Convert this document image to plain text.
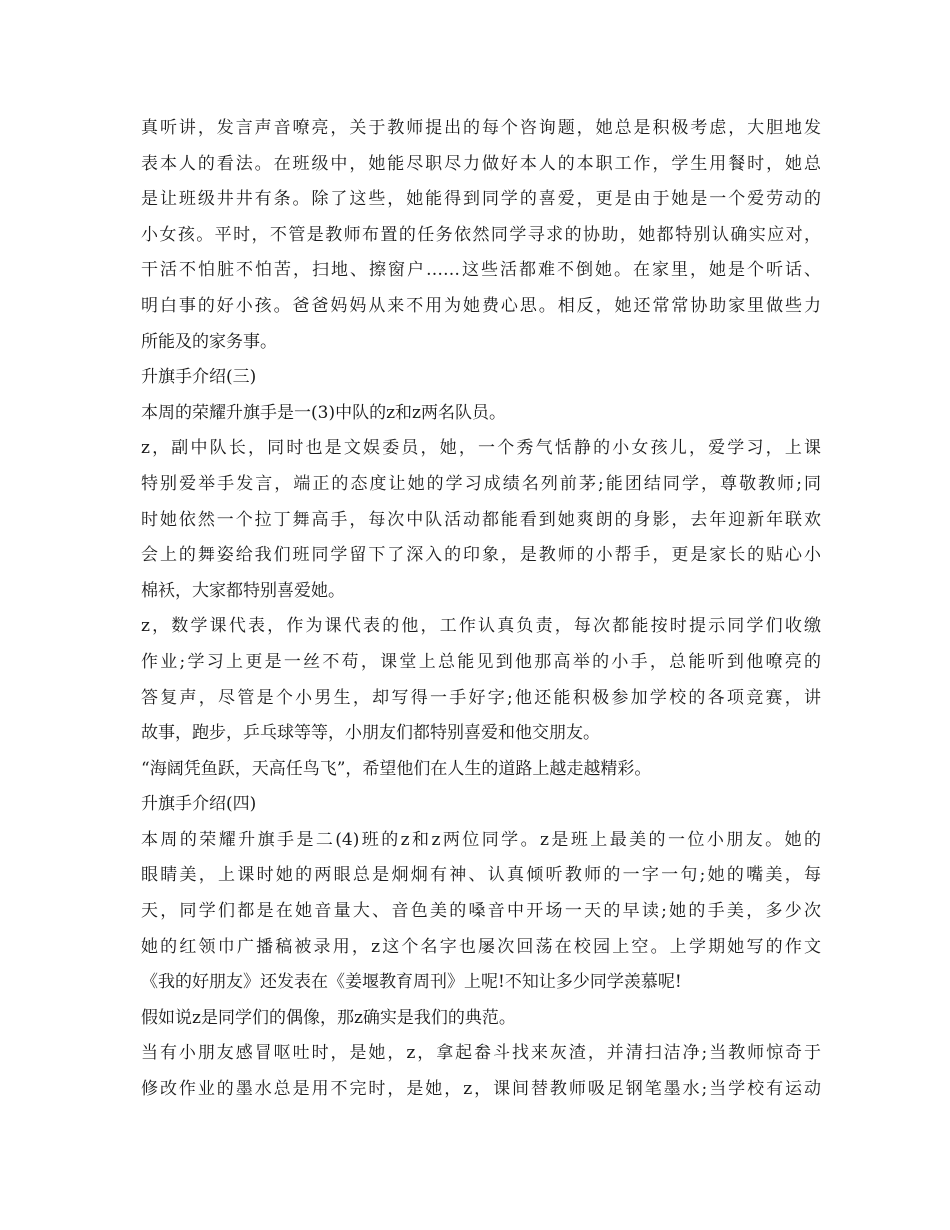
真听讲，发言声音嘹亮，关于教师提出的每个咨询题，她总是积极考虑，大胆地发
表本人的看法。在班级中，她能尽职尽力做好本人的本职工作，学生用餐时，她总
是让班级井井有条。除了这些，她能得到同学的喜爱，更是由于她是一个爱劳动的
小女孩。平时，不管是教师布置的任务依然同学寻求的协助，她都特别认确实应对，
干活不怕脏不怕苦，扫地、擦窗户……这些活都难不倒她。在家里，她是个听话、
明白事的好小孩。爸爸妈妈从来不用为她费心思。相反，她还常常协助家里做些力
所能及的家务事。
升旗手介绍(三)
本周的荣耀升旗手是一(3)中队的z和z两名队员。
z，副中队长，同时也是文娱委员，她，一个秀气恬静的小女孩儿，爱学习，上课
特别爱举手发言，端正的态度让她的学习成绩名列前茅;能团结同学，尊敬教师;同
时她依然一个拉丁舞高手，每次中队活动都能看到她爽朗的身影，去年迎新年联欢
会上的舞姿给我们班同学留下了深入的印象，是教师的小帮手，更是家长的贴心小
棉袄，大家都特别喜爱她。
z，数学课代表，作为课代表的他，工作认真负责，每次都能按时提示同学们收缴
作业;学习上更是一丝不苟，课堂上总能见到他那高举的小手，总能听到他嘹亮的
答复声，尽管是个小男生，却写得一手好字;他还能积极参加学校的各项竞赛，讲
故事，跑步，乒乓球等等，小朋友们都特别喜爱和他交朋友。
“海阔凭鱼跃，天高任鸟飞”，希望他们在人生的道路上越走越精彩。
升旗手介绍(四)
本周的荣耀升旗手是二(4)班的z和z两位同学。z是班上最美的一位小朋友。她的
眼睛美，上课时她的两眼总是炯炯有神、认真倾听教师的一字一句;她的嘴美，每
天，同学们都是在她音量大、音色美的嗓音中开场一天的早读;她的手美，多少次
她的红领巾广播稿被录用，z这个名字也屡次回荡在校园上空。上学期她写的作文
《我的好朋友》还发表在《姜堰教育周刊》上呢!不知让多少同学羡慕呢!
假如说z是同学们的偶像，那z确实是我们的典范。
当有小朋友感冒呕吐时，是她，z，拿起畚斗找来灰渣，并清扫洁净;当教师惊奇于
修改作业的墨水总是用不完时，是她，z，课间替教师吸足钢笔墨水;当学校有运动
